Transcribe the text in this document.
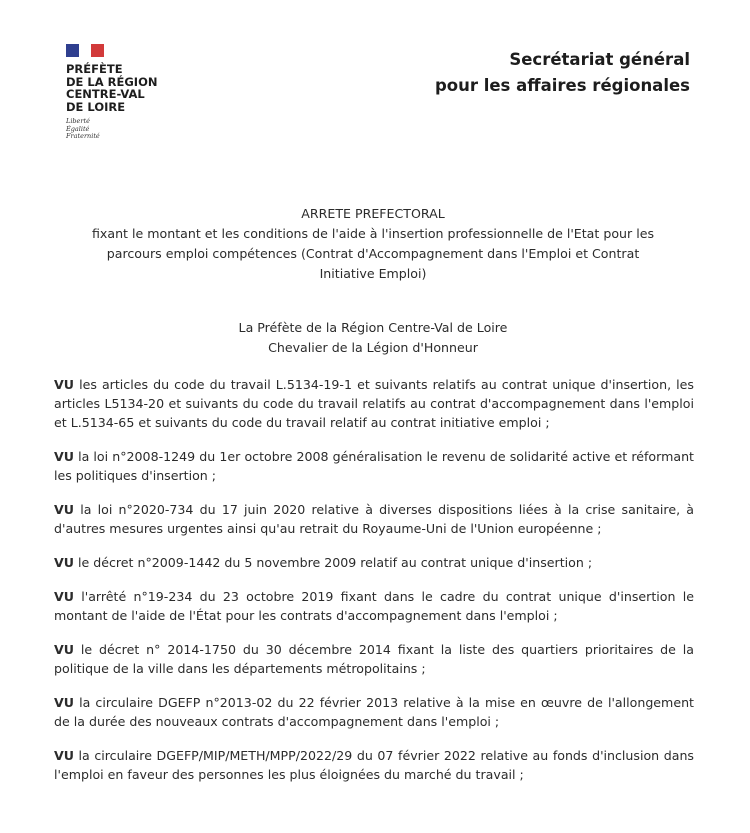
PRÉFÈTE
DE LA RÉGION
CENTRE-VAL
DE LOIRE
Liberté
Égalité
Fraternité
Secrétariat général
pour les affaires régionales
ARRETE PREFECTORAL
fixant le montant et les conditions de l'aide à l'insertion professionnelle de l'Etat pour les
parcours emploi compétences (Contrat d'Accompagnement dans l'Emploi et Contrat
Initiative Emploi)
La Préfète de la Région Centre-Val de Loire
Chevalier de la Légion d'Honneur

VU les articles du code du travail L.5134-19-1 et suivants relatifs au contrat unique d'insertion, les articles L5134-20 et suivants du code du travail relatifs au contrat d'accompagnement dans l'emploi et L.5134-65 et suivants du code du travail relatif au contrat initiative emploi ;

VU la loi n°2008-1249 du 1er octobre 2008 généralisation le revenu de solidarité active et réformant les politiques d'insertion ;

VU la loi n°2020-734 du 17 juin 2020 relative à diverses dispositions liées à la crise sanitaire, à d'autres mesures urgentes ainsi qu'au retrait du Royaume-Uni de l'Union européenne ;

VU le décret n°2009-1442 du 5 novembre 2009 relatif au contrat unique d'insertion ;

VU l'arrêté n°19-234 du 23 octobre 2019 fixant dans le cadre du contrat unique d'insertion le montant de l'aide de l'État pour les contrats d'accompagnement dans l'emploi ;

VU le décret n° 2014-1750 du 30 décembre 2014 fixant la liste des quartiers prioritaires de la politique de la ville dans les départements métropolitains ;

VU la circulaire DGEFP n°2013-02 du 22 février 2013 relative à la mise en œuvre de l'allongement de la durée des nouveaux contrats d'accompagnement dans l'emploi ;

VU la circulaire DGEFP/MIP/METH/MPP/2022/29 du 07 février 2022 relative au fonds d'inclusion dans l'emploi en faveur des personnes les plus éloignées du marché du travail ;
